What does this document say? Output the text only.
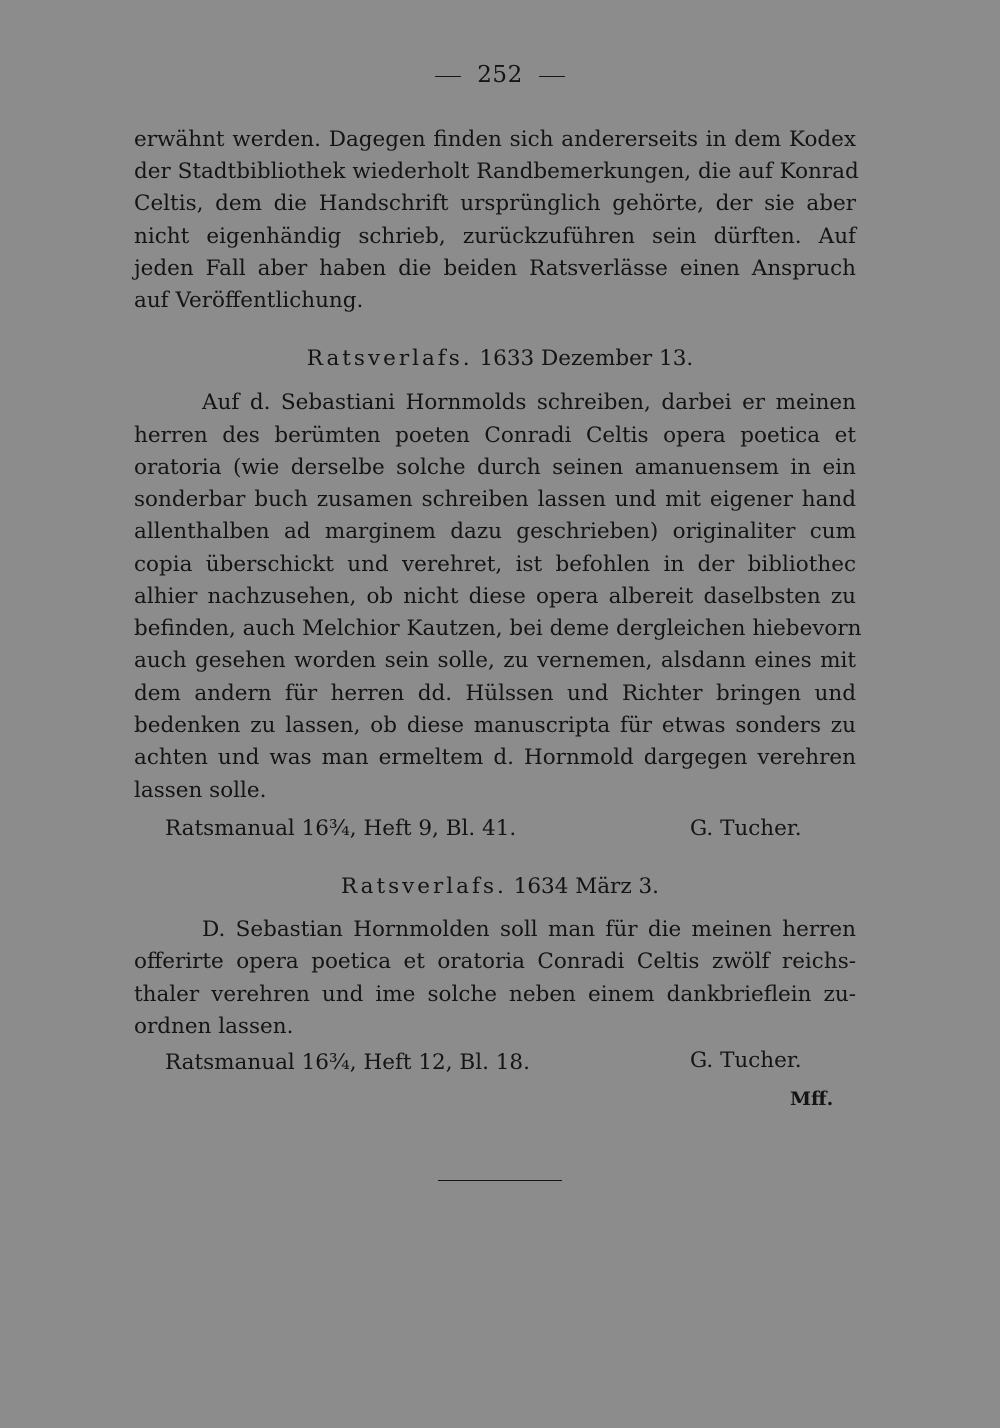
252
erwähnt werden. Dagegen finden sich andererseits in dem Kodex
der Stadtbibliothek wiederholt Randbemerkungen, die auf Konrad
Celtis, dem die Handschrift ursprünglich gehörte, der sie aber
nicht eigenhändig schrieb, zurückzuführen sein dürften. Auf
jeden Fall aber haben die beiden Ratsverlässe einen Anspruch
auf Veröffentlichung.
Ratsverlafs. 1633 Dezember 13.
Auf d. Sebastiani Hornmolds schreiben, darbei er meinen
herren des berümten poeten Conradi Celtis opera poetica et
oratoria (wie derselbe solche durch seinen amanuensem in ein
sonderbar buch zusamen schreiben lassen und mit eigener hand
allenthalben ad marginem dazu geschrieben) originaliter cum
copia überschickt und verehret, ist befohlen in der bibliothec
alhier nachzusehen, ob nicht diese opera albereit daselbsten zu
befinden, auch Melchior Kautzen, bei deme dergleichen hiebevorn
auch gesehen worden sein solle, zu vernemen, alsdann eines mit
dem andern für herren dd. Hülssen und Richter bringen und
bedenken zu lassen, ob diese manuscripta für etwas sonders zu
achten und was man ermeltem d. Hornmold dargegen verehren
lassen solle.
Ratsmanual 16¾, Heft 9, Bl. 41.	G. Tucher.
Ratsverlafs. 1634 März 3.
D. Sebastian Hornmolden soll man für die meinen herren
offerirte opera poetica et oratoria Conradi Celtis zwölf reichs-
thaler verehren und ime solche neben einem dankbrieflein zu-
ordnen lassen.
Ratsmanual 16¾, Heft 12, Bl. 18.	G. Tucher.
Mff.
